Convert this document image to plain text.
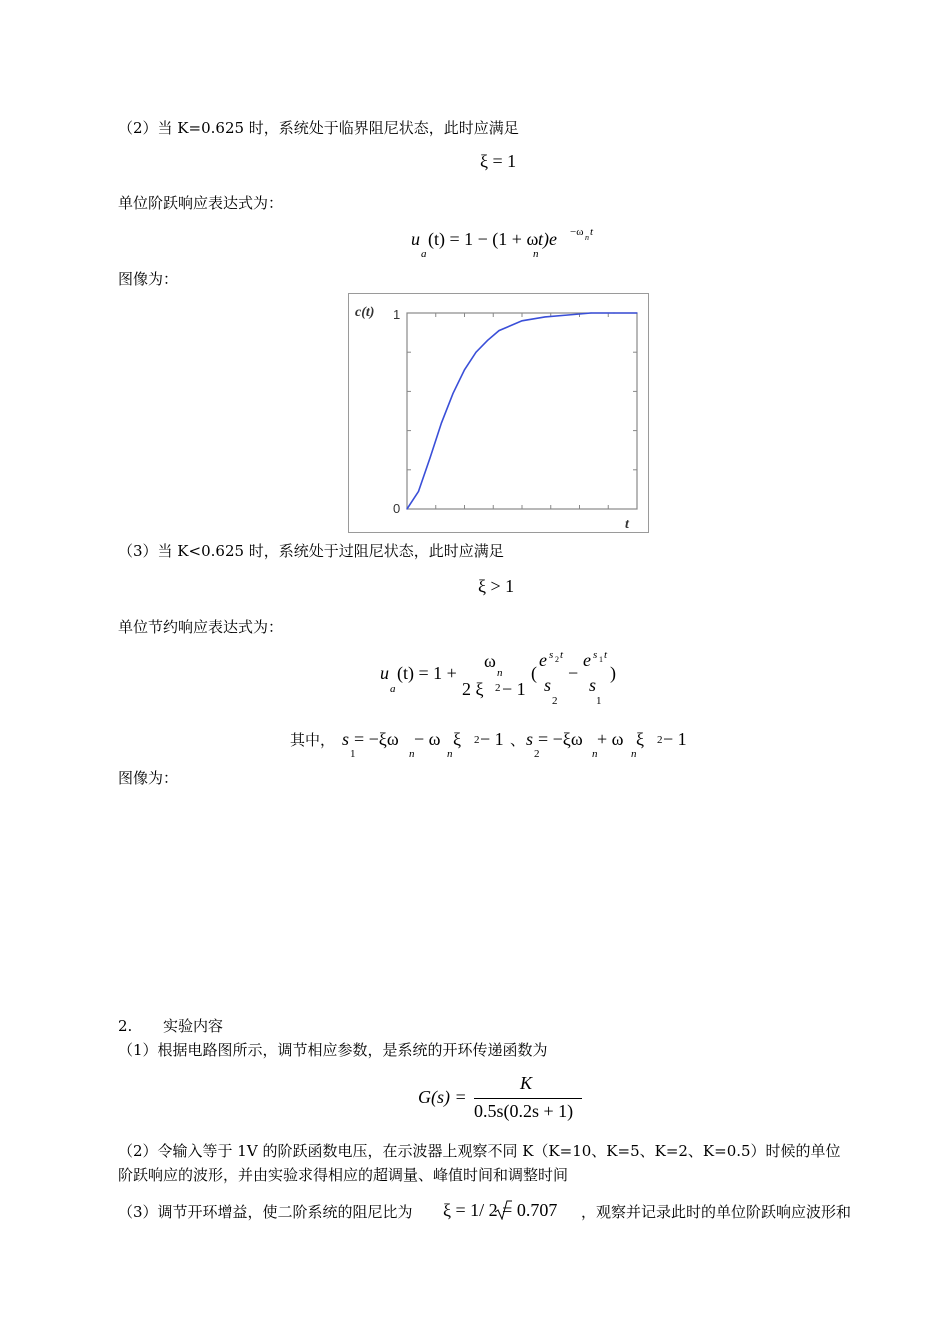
（2）当 K=0.625 时，系统处于临界阻尼状态，此时应满足
ξ = 1
单位阶跃响应表达式为：
u
a
(t) = 1 − (1 + ω
n
t)e −ω n t
图像为：
0
1
c(t)
t
（3）当 K<0.625 时，系统处于过阻尼状态，此时应满足
ξ > 1
单位节约响应表达式为：
u
a
(t) = 1 +
ω
n
2 ξ 2 − 1
(
e s 2 t
−
e s 1 t
)
s
2
s
1
其中， s
1
= −ξω
n
− ω
n
ξ 2 − 1 、 s
2
= −ξω
n
+ ω
n
ξ 2 − 1
图像为：
2. 实验内容
（1）根据电路图所示，调节相应参数，是系统的开环传递函数为
G(s) =
K
0.5s(0.2s + 1)
（2）令输入等于 1V 的阶跃函数电压，在示波器上观察不同 K（K=10、K=5、K=2、K=0.5）时候的单位
阶跃响应的波形，并由实验求得相应的超调量、峰值时间和调整时间
（3）调节开环增益，使二阶系统的阻尼比为 ξ = 1/ 2 = 0.707 ，观察并记录此时的单位阶跃响应波形和
